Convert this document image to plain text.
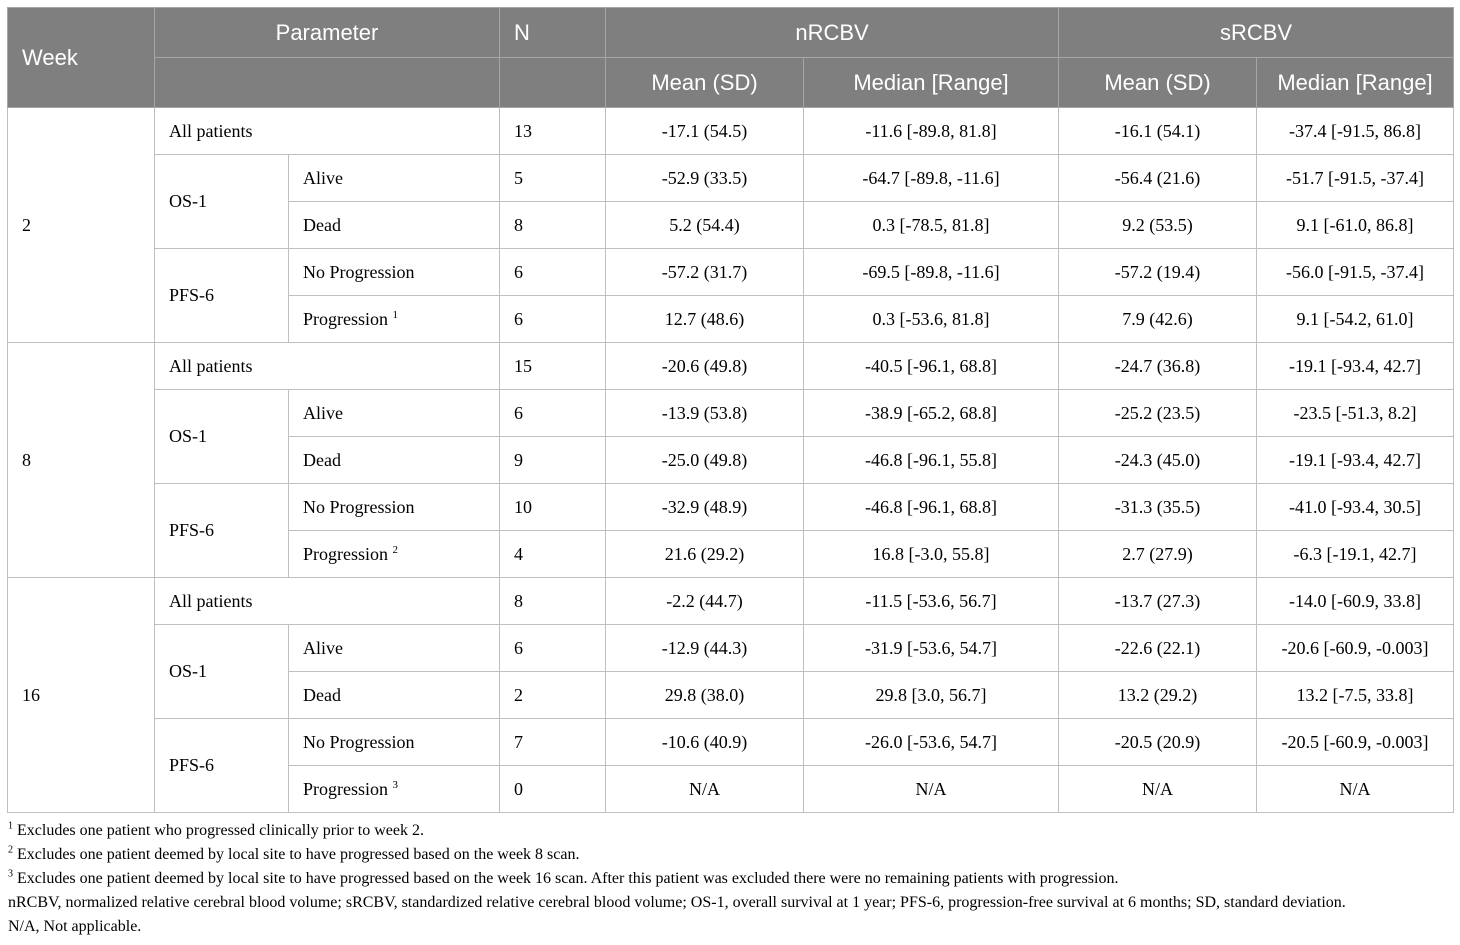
Week	Parameter		N	nRCBV		sRCBV	
				Mean (SD)	Median [Range]	Mean (SD)	Median [Range]
2	All patients		13	-17.1 (54.5)	-11.6 [-89.8, 81.8]	-16.1 (54.1)	-37.4 [-91.5, 86.8]
	OS-1	Alive	5	-52.9 (33.5)	-64.7 [-89.8, -11.6]	-56.4 (21.6)	-51.7 [-91.5, -37.4]
		Dead	8	5.2 (54.4)	0.3 [-78.5, 81.8]	9.2 (53.5)	9.1 [-61.0, 86.8]
	PFS-6	No Progression	6	-57.2 (31.7)	-69.5 [-89.8, -11.6]	-57.2 (19.4)	-56.0 [-91.5, -37.4]
		Progression $^1$	6	12.7 (48.6)	0.3 [-53.6, 81.8]	7.9 (42.6)	9.1 [-54.2, 61.0]
8	All patients		15	-20.6 (49.8)	-40.5 [-96.1, 68.8]	-24.7 (36.8)	-19.1 [-93.4, 42.7]
	OS-1	Alive	6	-13.9 (53.8)	-38.9 [-65.2, 68.8]	-25.2 (23.5)	-23.5 [-51.3, 8.2]
		Dead	9	-25.0 (49.8)	-46.8 [-96.1, 55.8]	-24.3 (45.0)	-19.1 [-93.4, 42.7]
	PFS-6	No Progression	10	-32.9 (48.9)	-46.8 [-96.1, 68.8]	-31.3 (35.5)	-41.0 [-93.4, 30.5]
		Progression $^2$	4	21.6 (29.2)	16.8 [-3.0, 55.8]	2.7 (27.9)	-6.3 [-19.1, 42.7]
16	All patients		8	-2.2 (44.7)	-11.5 [-53.6, 56.7]	-13.7 (27.3)	-14.0 [-60.9, 33.8]
	OS-1	Alive	6	-12.9 (44.3)	-31.9 [-53.6, 54.7]	-22.6 (22.1)	-20.6 [-60.9, -0.003]
		Dead	2	29.8 (38.0)	29.8 [3.0, 56.7]	13.2 (29.2)	13.2 [-7.5, 33.8]
	PFS-6	No Progression	7	-10.6 (40.9)	-26.0 [-53.6, 54.7]	-20.5 (20.9)	-20.5 [-60.9, -0.003]
		Progression $^3$	0	N/A	N/A	N/A	N/A
$^1$ Excludes one patient who progressed clinically prior to week 2.
$^2$ Excludes one patient deemed by local site to have progressed based on the week 8 scan.
$^3$ Excludes one patient deemed by local site to have progressed based on the week 16 scan. After this patient was excluded there were no remaining patients with progression.
nRCBV, normalized relative cerebral blood volume; sRCBV, standardized relative cerebral blood volume; OS-1, overall survival at 1 year; PFS-6, progression-free survival at 6 months; SD, standard deviation.
N/A, Not applicable.
